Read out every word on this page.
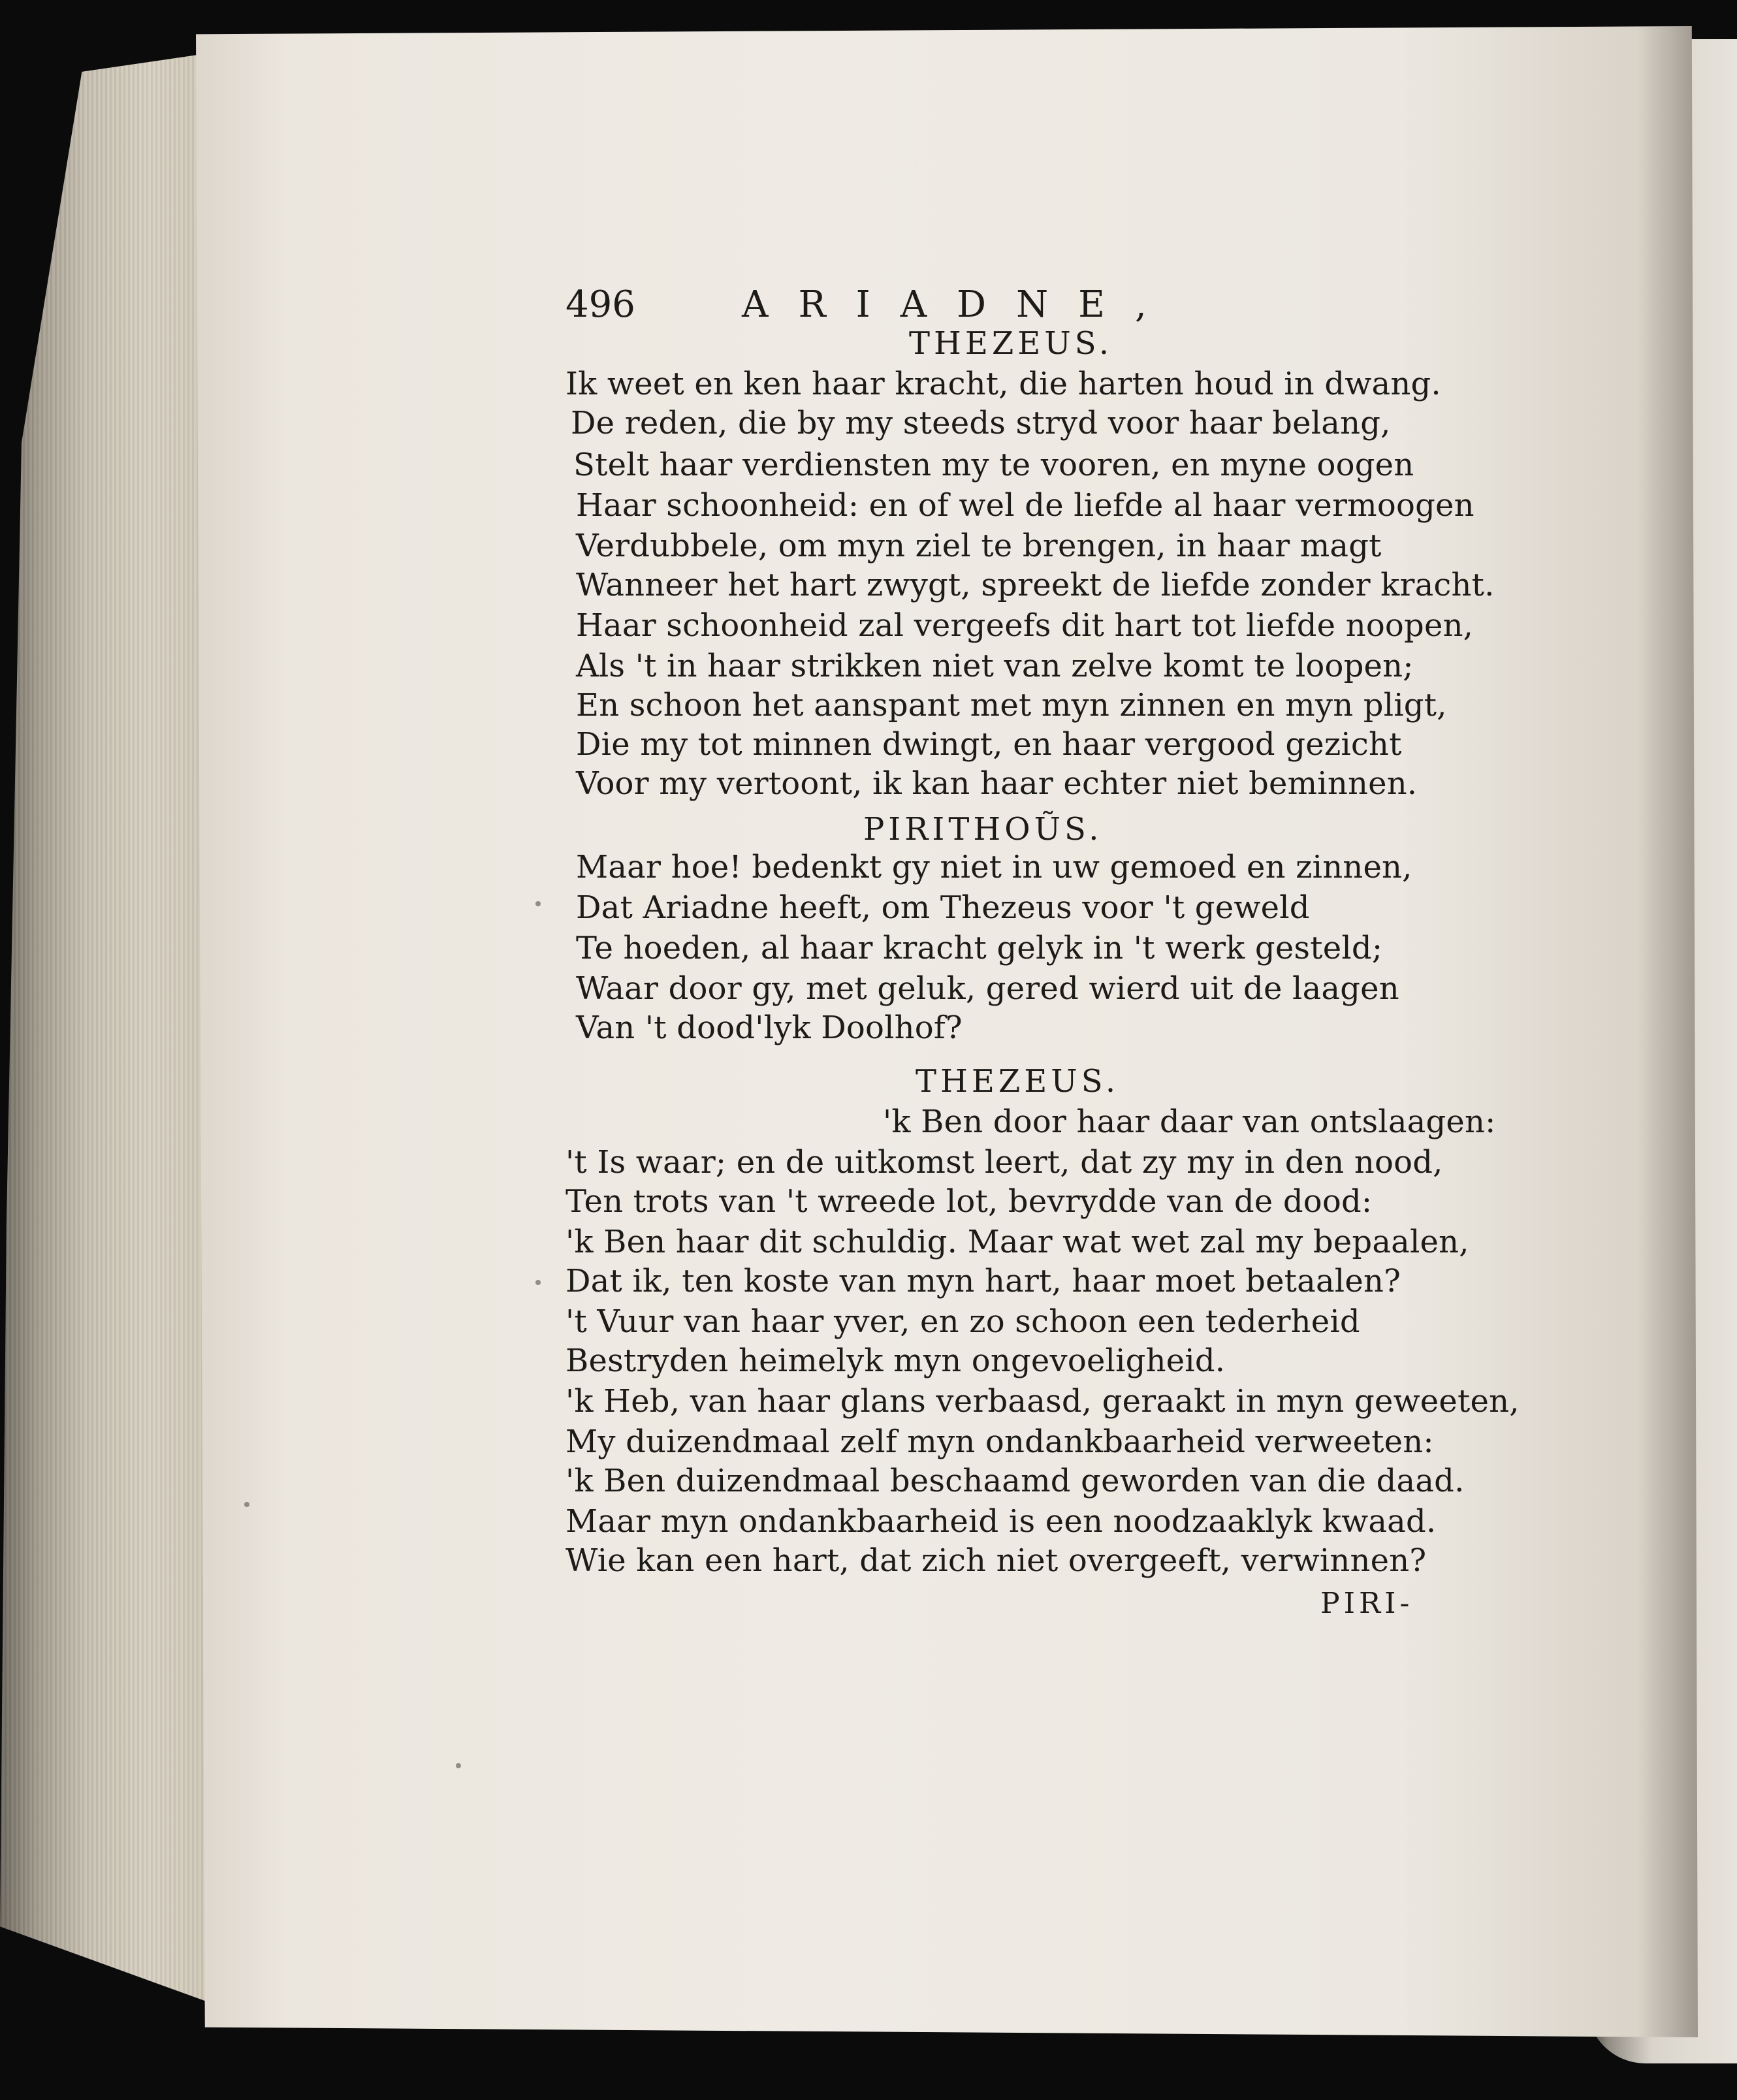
496	ARIADNE,
THEZEUS.
Ik weet en ken haar kracht, die harten houd in dwang.
De reden, die by my steeds stryd voor haar belang,
Stelt haar verdiensten my te vooren, en myne oogen
Haar schoonheid: en of wel de liefde al haar vermoogen
Verdubbele, om myn ziel te brengen, in haar magt
Wanneer het hart zwygt, spreekt de liefde zonder kracht.
Haar schoonheid zal vergeefs dit hart tot liefde noopen,
Als 't in haar strikken niet van zelve komt te loopen;
En schoon het aanspant met myn zinnen en myn pligt,
Die my tot minnen dwingt, en haar vergood gezicht
Voor my vertoont, ik kan haar echter niet beminnen.
PIRITHOŨS.
Maar hoe! bedenkt gy niet in uw gemoed en zinnen,
Dat Ariadne heeft, om Thezeus voor 't geweld
Te hoeden, al haar kracht gelyk in 't werk gesteld;
Waar door gy, met geluk, gered wierd uit de laagen
Van 't dood'lyk Doolhof?
THEZEUS.
'k Ben door haar daar van ontslaagen:
't Is waar; en de uitkomst leert, dat zy my in den nood,
Ten trots van 't wreede lot, bevrydde van de dood:
'k Ben haar dit schuldig. Maar wat wet zal my bepaalen,
Dat ik, ten koste van myn hart, haar moet betaalen?
't Vuur van haar yver, en zo schoon een tederheid
Bestryden heimelyk myn ongevoeligheid.
'k Heb, van haar glans verbaasd, geraakt in myn geweeten,
My duizendmaal zelf myn ondankbaarheid verweeten:
'k Ben duizendmaal beschaamd geworden van die daad.
Maar myn ondankbaarheid is een noodzaaklyk kwaad.
Wie kan een hart, dat zich niet overgeeft, verwinnen?
PIRI-
